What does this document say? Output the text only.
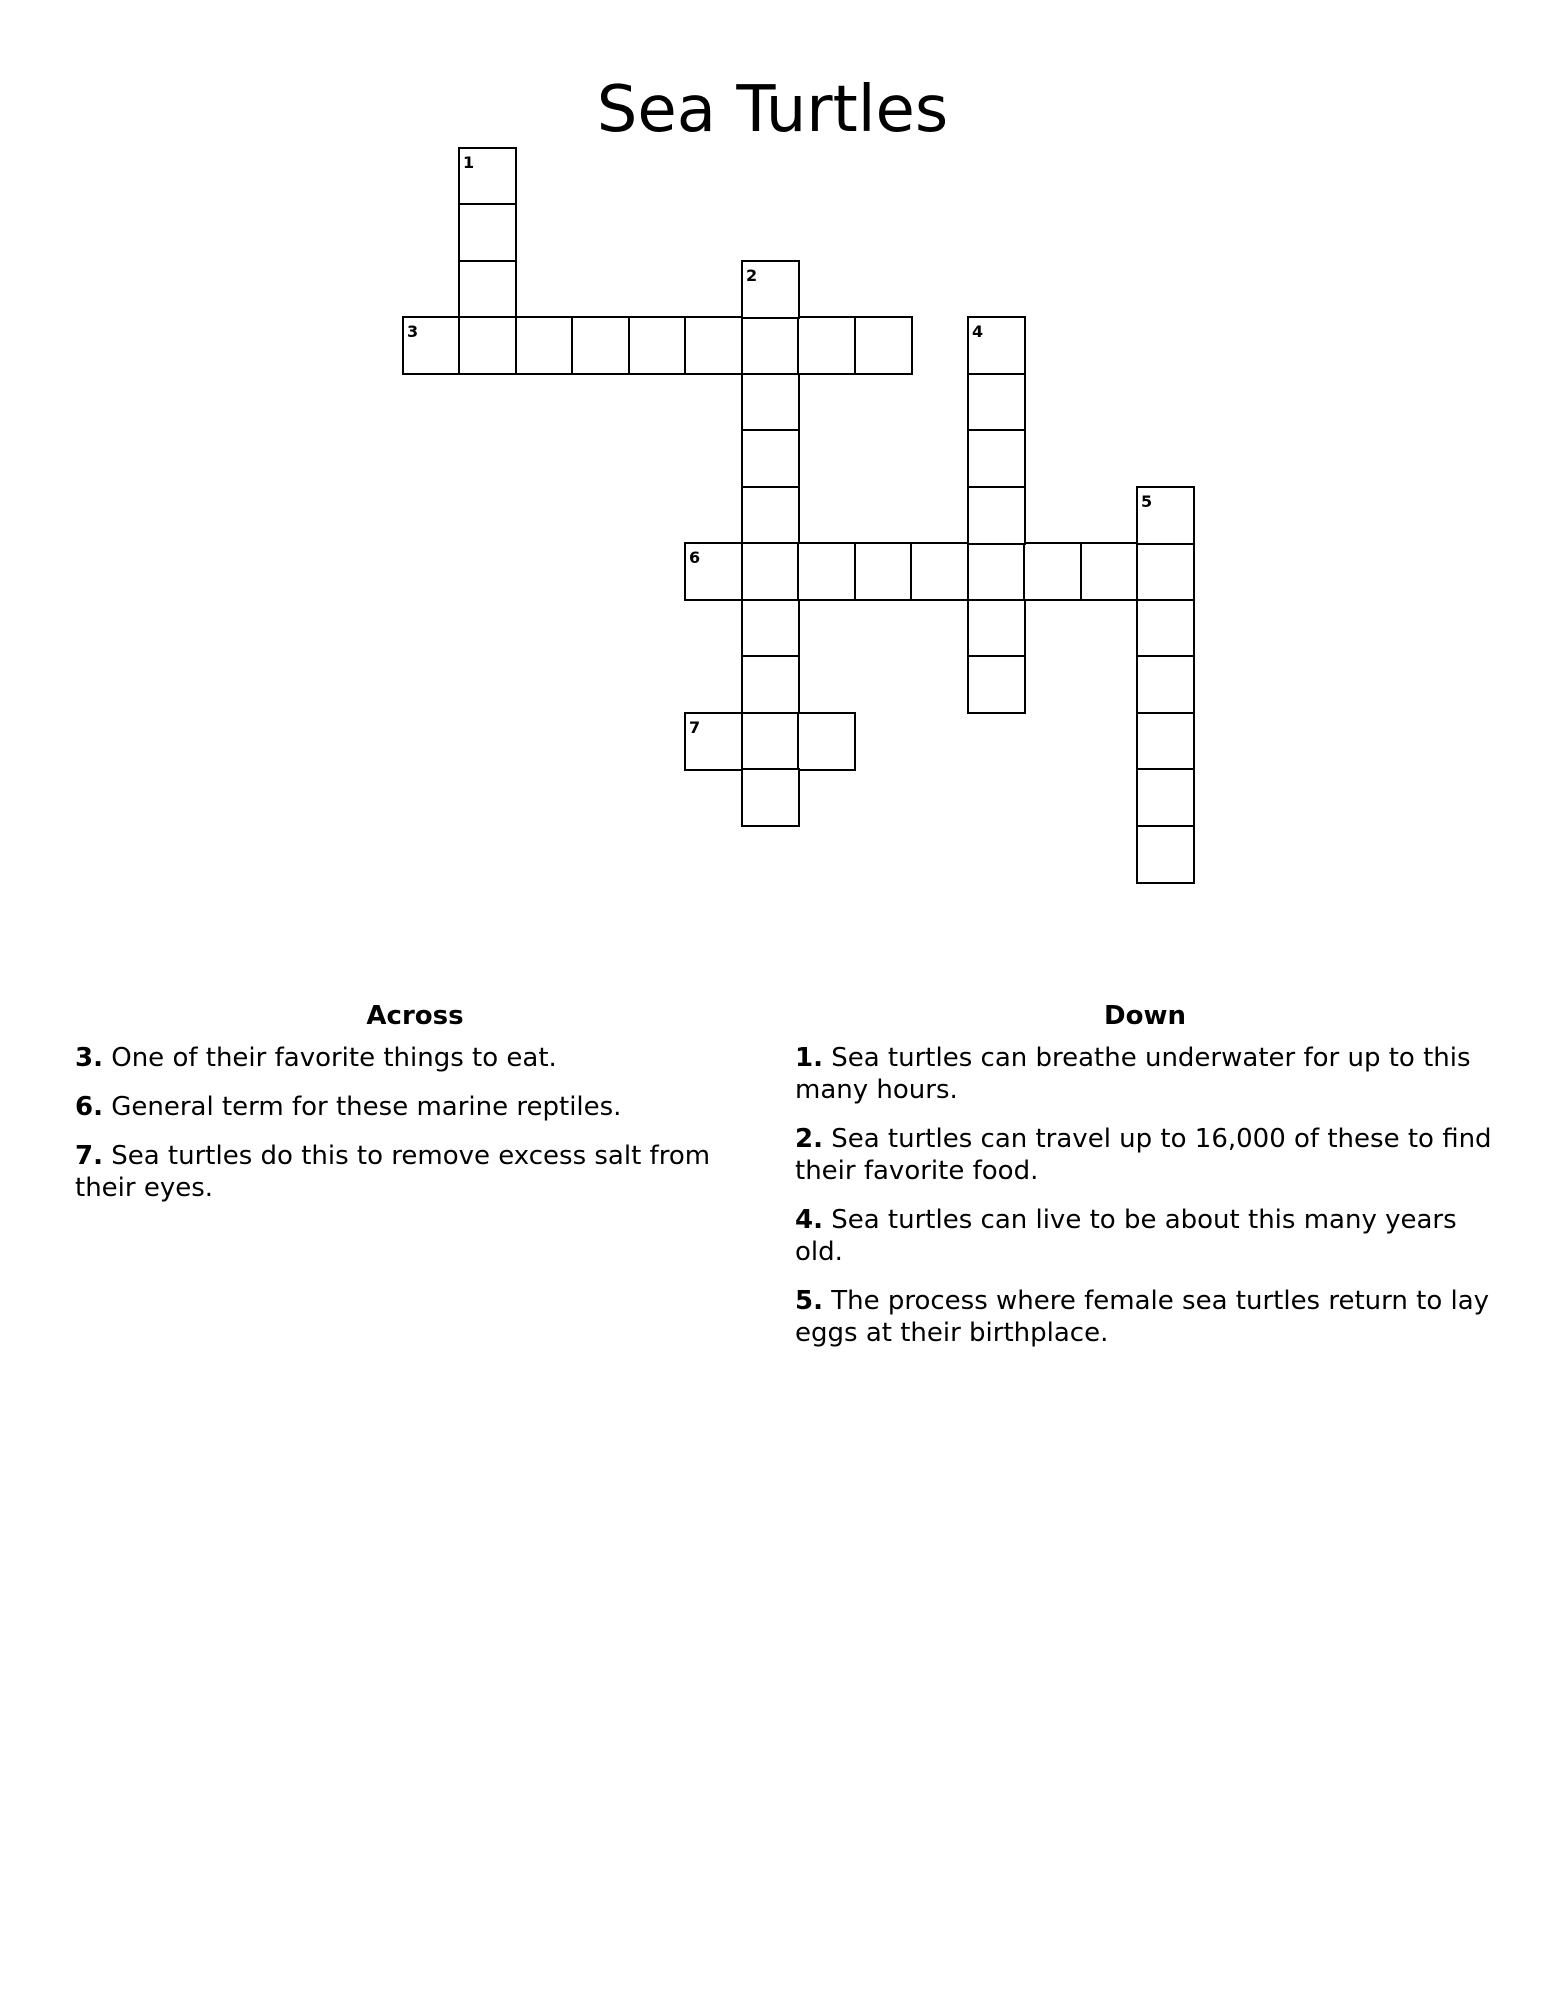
Sea Turtles
1
3
2
6
7
4
5
Across
3. One of their favorite things to eat.
6. General term for these marine reptiles.
7. Sea turtles do this to remove excess salt from their eyes.
Down
1. Sea turtles can breathe underwater for up to this many hours.
2. Sea turtles can travel up to 16,000 of these to find their favorite food.
4. Sea turtles can live to be about this many years old.
5. The process where female sea turtles return to lay eggs at their birthplace.
